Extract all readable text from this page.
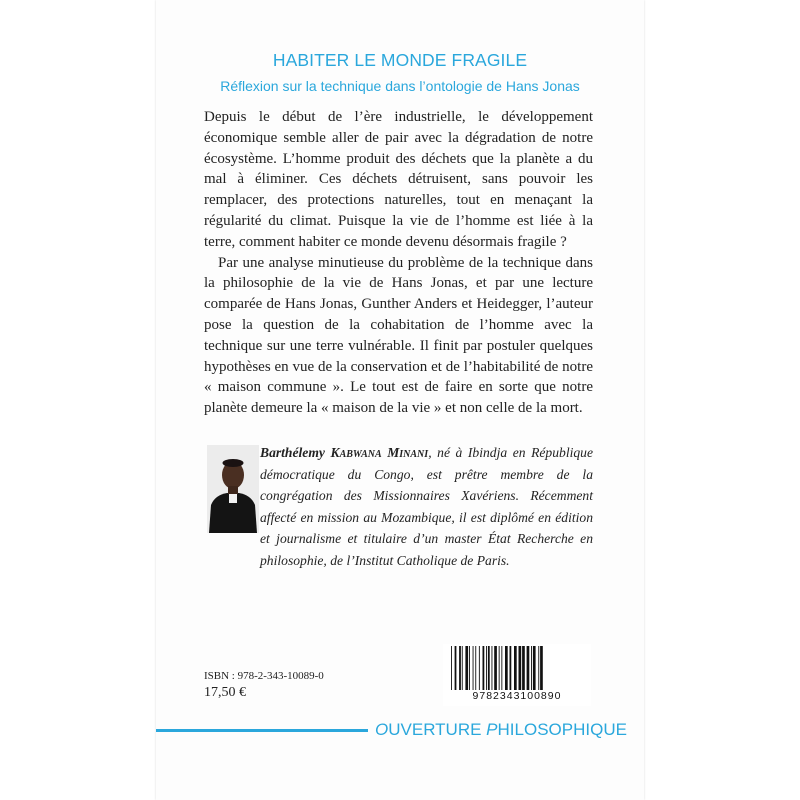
HABITER LE MONDE FRAGILE
Réflexion sur la technique dans l’ontologie de Hans Jonas

Depuis le début de l’ère industrielle, le développement économique semble aller de pair avec la dégradation de notre écosystème. L’homme produit des déchets que la planète a du mal à éliminer. Ces déchets détruisent, sans pouvoir les remplacer, des protections naturelles, tout en menaçant la régularité du climat. Puisque la vie de l’homme est liée à la terre, comment habiter ce monde devenu désormais fragile ?

Par une analyse minutieuse du problème de la technique dans la philosophie de la vie de Hans Jonas, et par une lecture comparée de Hans Jonas, Gunther Anders et Heidegger, l’auteur pose la question de la cohabitation de l’homme avec la technique sur une terre vulnérable. Il finit par postuler quelques hypothèses en vue de la conservation et de l’habitabilité de notre « maison commune ». Le tout est de faire en sorte que notre planète demeure la « maison de la vie » et non celle de la mort.

Barthélemy Kabwana Minani, né à Ibindja en République démocratique du Congo, est prêtre membre de la congrégation des Missionnaires Xavériens. Récemment affecté en mission au Mozambique, il est diplômé en édition et journalisme et titulaire d’un master État Recherche en philosophie, de l’Institut Catholique de Paris.
ISBN : 978-2-343-10089-0
17,50 €	9782343100890
OUVERTURE PHILOSOPHIQUE
